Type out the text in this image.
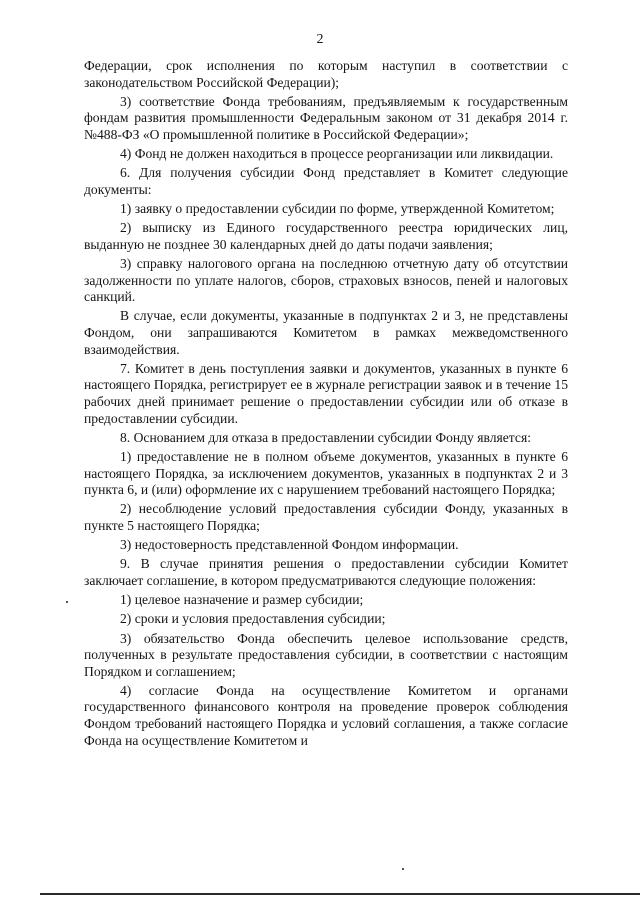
2

Федерации, срок исполнения по которым наступил в соответствии с законодательством Российской Федерации);

3) соответствие Фонда требованиям, предъявляемым к государственным фондам развития промышленности Федеральным законом от 31 декабря 2014 г. №488-ФЗ «О промышленной политике в Российской Федерации»;

4) Фонд не должен находиться в процессе реорганизации или ликвидации.

6. Для получения субсидии Фонд представляет в Комитет следующие документы:

1) заявку о предоставлении субсидии по форме, утвержденной Комитетом;

2) выписку из Единого государственного реестра юридических лиц, выданную не позднее 30 календарных дней до даты подачи заявления;

3) справку налогового органа на последнюю отчетную дату об отсутствии задолженности по уплате налогов, сборов, страховых взносов, пеней и налоговых санкций.

В случае, если документы, указанные в подпунктах 2 и 3, не представлены Фондом, они запрашиваются Комитетом в рамках межведомственного взаимодействия.

7. Комитет в день поступления заявки и документов, указанных в пункте 6 настоящего Порядка, регистрирует ее в журнале регистрации заявок и в течение 15 рабочих дней принимает решение о предоставлении субсидии или об отказе в предоставлении субсидии.

8. Основанием для отказа в предоставлении субсидии Фонду является:

1) предоставление не в полном объеме документов, указанных в пункте 6 настоящего Порядка, за исключением документов, указанных в подпунктах 2 и 3 пункта 6, и (или) оформление их с нарушением требований настоящего Порядка;

2) несоблюдение условий предоставления субсидии Фонду, указанных в пункте 5 настоящего Порядка;

3) недостоверность представленной Фондом информации.

9. В случае принятия решения о предоставлении субсидии Комитет заключает соглашение, в котором предусматриваются следующие положения:

1) целевое назначение и размер субсидии;

2) сроки и условия предоставления субсидии;

3) обязательство Фонда обеспечить целевое использование средств, полученных в результате предоставления субсидии, в соответствии с настоящим Порядком и соглашением;

4) согласие Фонда на осуществление Комитетом и органами государственного финансового контроля на проведение проверок соблюдения Фондом требований настоящего Порядка и условий соглашения, а также согласие Фонда на осуществление Комитетом и
